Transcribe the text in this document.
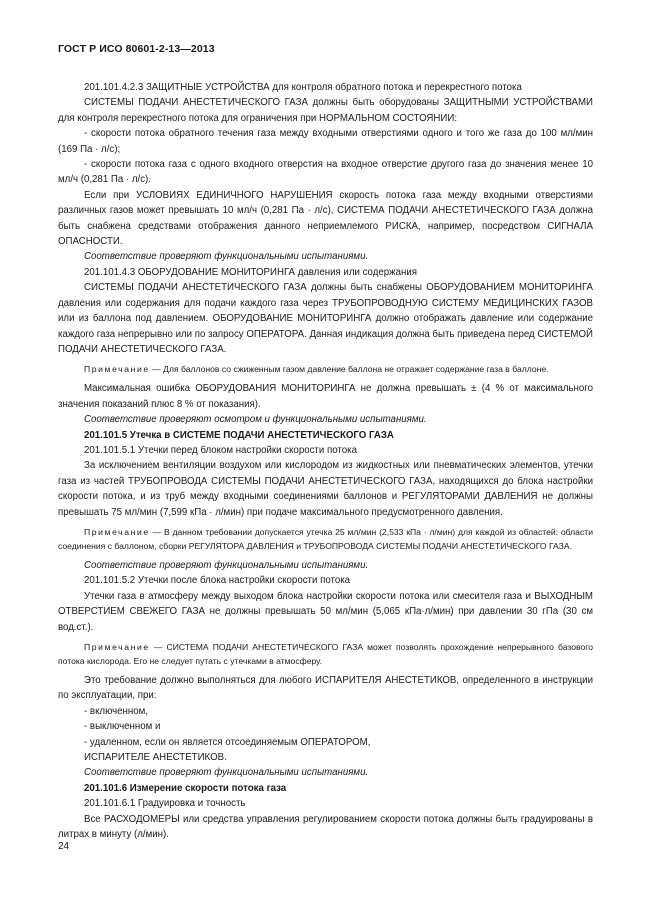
ГОСТ Р ИСО 80601-2-13—2013

201.101.4.2.3 ЗАЩИТНЫЕ УСТРОЙСТВА для контроля обратного потока и перекрестного потока

СИСТЕМЫ ПОДАЧИ АНЕСТЕТИЧЕСКОГО ГАЗА должны быть оборудованы ЗАЩИТНЫМИ УСТРОЙСТВАМИ для контроля перекрестного потока для ограничения при НОРМАЛЬНОМ СОСТОЯНИИ:

- скорости потока обратного течения газа между входными отверстиями одного и того же газа до 100 мл/мин (169 Па · л/с);

- скорости потока газа с одного входного отверстия на входное отверстие другого газа до значения менее 10 мл/ч (0,281 Па · л/с).

Если при УСЛОВИЯХ ЕДИНИЧНОГО НАРУШЕНИЯ скорость потока газа между входными отверстиями различных газов может превышать 10 мл/ч (0,281 Па · л/с), СИСТЕМА ПОДАЧИ АНЕСТЕТИЧЕСКОГО ГАЗА должна быть снабжена средствами отображения данного неприемлемого РИСКА, например, посредством СИГНАЛА ОПАСНОСТИ.

Соответствие проверяют функциональными испытаниями.

201.101.4.3 ОБОРУДОВАНИЕ МОНИТОРИНГА давления или содержания

СИСТЕМЫ ПОДАЧИ АНЕСТЕТИЧЕСКОГО ГАЗА должны быть снабжены ОБОРУДОВАНИЕМ МОНИТОРИНГА давления или содержания для подачи каждого газа через ТРУБОПРОВОДНУЮ СИСТЕМУ МЕДИЦИНСКИХ ГАЗОВ или из баллона под давлением. ОБОРУДОВАНИЕ МОНИТОРИНГА должно отображать давление или содержание каждого газа непрерывно или по запросу ОПЕРАТОРА. Данная индикация должна быть приведена перед СИСТЕМОЙ ПОДАЧИ АНЕСТЕТИЧЕСКОГО ГАЗА.

Примечание — Для баллонов со сжиженным газом давление баллона не отражает содержание газа в баллоне.

Максимальная ошибка ОБОРУДОВАНИЯ МОНИТОРИНГА не должна превышать ± (4 % от максимального значения показаний плюс 8 % от показания).

Соответствие проверяют осмотром и функциональными испытаниями.

201.101.5 Утечка в СИСТЕМЕ ПОДАЧИ АНЕСТЕТИЧЕСКОГО ГАЗА

201.101.5.1 Утечки перед блоком настройки скорости потока

За исключением вентиляции воздухом или кислородом из жидкостных или пневматических элементов, утечки газа из частей ТРУБОПРОВОДА СИСТЕМЫ ПОДАЧИ АНЕСТЕТИЧЕСКОГО ГАЗА, находящихся до блока настройки скорости потока, и из труб между входными соединениями баллонов и РЕГУЛЯТОРАМИ ДАВЛЕНИЯ не должны превышать 75 мл/мин (7,599 кПа · л/мин) при подаче максимального предусмотренного давления.

Примечание — В данном требовании допускается утечка 25 мл/мин (2,533 кПа · л/мин) для каждой из областей: области соединения с баллоном, сборки РЕГУЛЯТОРА ДАВЛЕНИЯ и ТРУБОПРОВОДА СИСТЕМЫ ПОДАЧИ АНЕСТЕТИЧЕСКОГО ГАЗА.

Соответствие проверяют функциональными испытаниями.

201.101.5.2 Утечки после блока настройки скорости потока

Утечки газа в атмосферу между выходом блока настройки скорости потока или смесителя газа и ВЫХОДНЫМ ОТВЕРСТИЕМ СВЕЖЕГО ГАЗА не должны превышать 50 мл/мин (5,065 кПа·л/мин) при давлении 30 гПа (30 см вод.ст.).

Примечание — СИСТЕМА ПОДАЧИ АНЕСТЕТИЧЕСКОГО ГАЗА может позволять прохождение непрерывного базового потока кислорода. Его не следует путать с утечками в атмосферу.

Это требование должно выполняться для любого ИСПАРИТЕЛЯ АНЕСТЕТИКОВ, определенного в инструкции по эксплуатации, при:

- включенном,

- выключенном и

- удаленном, если он является отсоединяемым ОПЕРАТОРОМ,

ИСПАРИТЕЛЕ АНЕСТЕТИКОВ.

Соответствие проверяют функциональными испытаниями.

201.101.6 Измерение скорости потока газа

201.101.6.1 Градуировка и точность

Все РАСХОДОМЕРЫ или средства управления регулированием скорости потока должны быть градуированы в литрах в минуту (л/мин).

24
